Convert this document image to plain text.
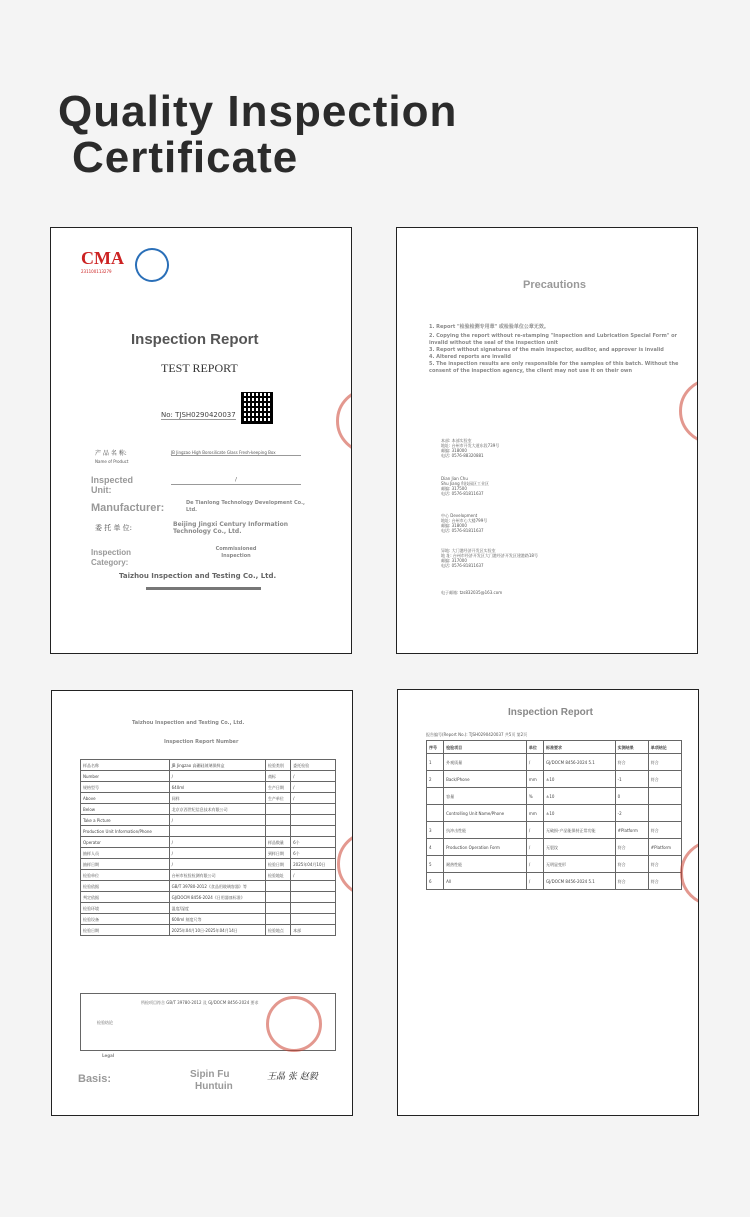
Quality Inspection
Certificate
CMA
231100113279
Inspection Report
TEST REPORT
No: TJSH0290420037
产 品 名 称:
Name of Product
JB Jingzao High Borosilicate Glass Fresh-keeping Box
Inspected Unit:
/
Manufacturer:	De Tianlong Technology Development Co., Ltd.
委 托 单 位:	Beijing Jingxi Century Information Technology Co., Ltd.
Inspection Category:
Commissioned Inspection
Taizhou Inspection and Testing Co., Ltd.
Precautions
1. Report "检验检测专用章" 或检验单位公章无效。
2. Copying the report without re-stamping "Inspection and Lubrication Special Form" or invalid without the seal of the inspection unit
3. Report without signatures of the main inspector, auditor, and approver is invalid
4. Altered reports are invalid
5. The inspection results are only responsible for the samples of this batch. Without the consent of the inspection agency, the client may not use it on their own
本部: 本部实验室
地址: 台州市开发大道东段739号
邮编: 318000
电话: 0576-88320881
Dian Jian Chu
Shu Jiang 科技园区工业区
邮编: 317500
电话: 0576-81811637
中心 Development
地址: 台州市心大楼799号
邮编: 318000
电话: 0576-81811637
异地: 大门港经济开发区实验室
地 址: 台州市经济开发区大门港经济开发区建港路18号
邮编: 317000
电话: 0576-81811637
电子邮箱: tzs832035@163.com
Taizhou Inspection and Testing Co., Ltd.
Inspection Report Number
样品名称	JB Jingzao 高硼硅玻璃保鲜盒	检验类别	委托检验
Number	/	商标	/
规格型号	640ml	生产日期	/
Above	同样	生产单位	/
Below	北京京西世纪信息技术有限公司		
Take a Picture	/		
Production Unit Information/Phone			
Operator	/	样品数量	6个
抽样人员	/	到样日期	6个
抽样日期	/	检验日期	2025年04月10日
检验单位	台州市检验检测有限公司	检验地址	/
检验依据	GB/T 39780-2012《食品用玻璃容器》等		
判定依据	GJ/DOCM 8456-2024《日用器皿标准》		
检验环境	温度/湿度		
检验设备	600ml 刻度尺等		
检验日期	2025年04月10日-2025年04月14日	检验地点	本部
检验结论
所检项目符合 GB/T 39780-2012 及 GJ/DOCM 8456-2024 要求
Legal
Basis:	Sipin Fu
Huntuin
王晶 张 赵毅
Inspection Report
报告编号(Report No.): TJSH0290420037 共5页 第2页
序号	检验项目	单位	标准要求	实测结果	单项结论
1	外观质量	/	GJ/DOCM 8456-2024 5.1	符合	符合
2	Back/Phone	mm	±10	-1	符合
	容量	%	±10	0	
	Controlling Unit Name/Phone	mm	±10	-2	
3	抗冲击性能	/	无破损-产品能保持正常功能	#Platform	符合
4	Production Operation Form	/	无裂纹	符合	#Platform
5	耐热性能	/	无明显变形	符合	符合
6	All	/	GJ/DOCM 8456-2024 5.1	符合	符合
